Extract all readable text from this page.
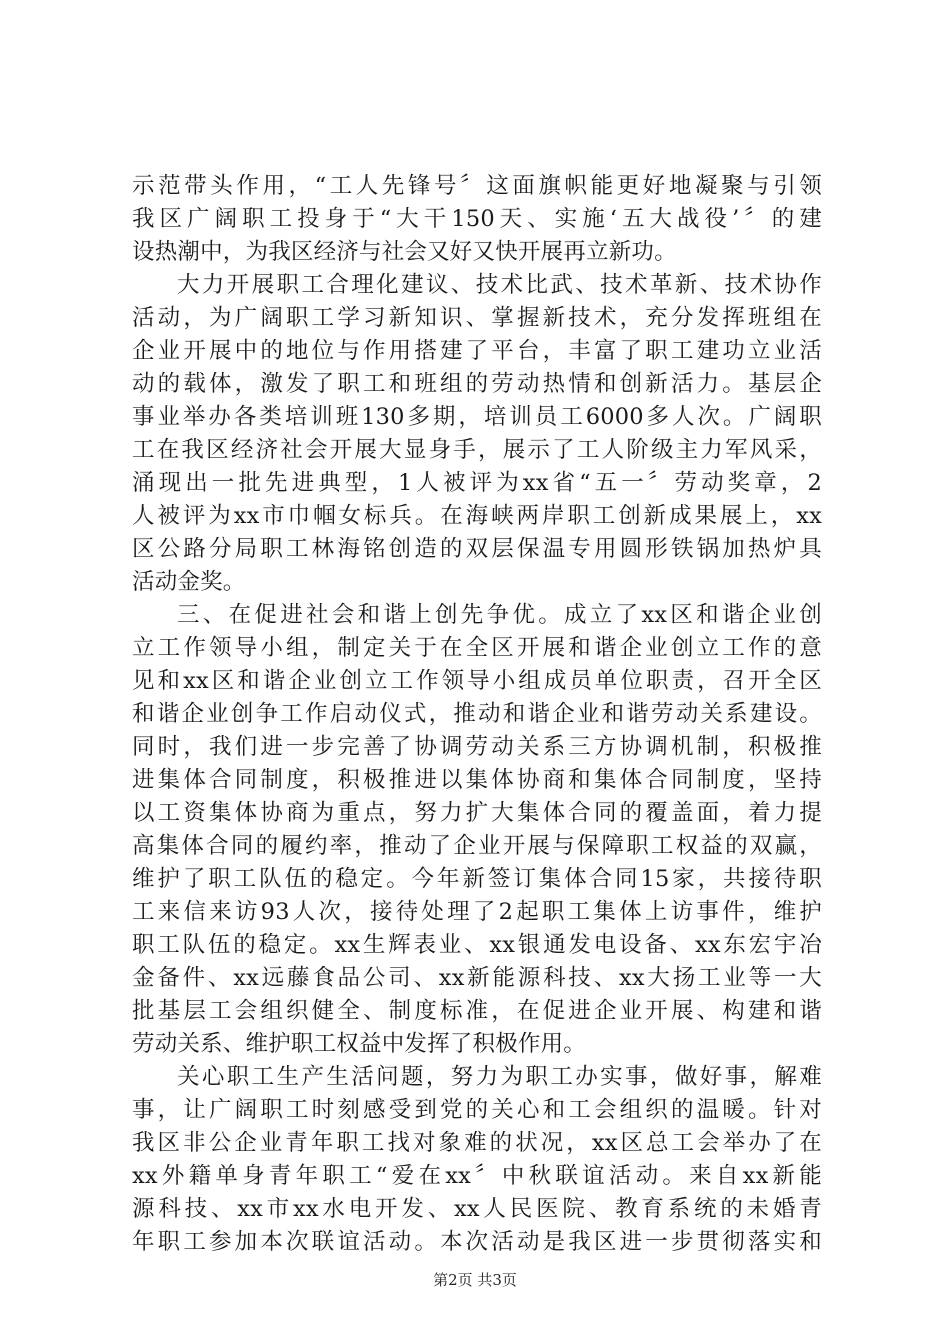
示范带头作用，“工人先锋号〞这面旗帜能更好地凝聚与引领
我区广阔职工投身于“大干150天、实施‘五大战役’〞的建
设热潮中，为我区经济与社会又好又快开展再立新功。
大力开展职工合理化建议、技术比武、技术革新、技术协作
活动，为广阔职工学习新知识、掌握新技术，充分发挥班组在
企业开展中的地位与作用搭建了平台，丰富了职工建功立业活
动的载体，激发了职工和班组的劳动热情和创新活力。基层企
事业举办各类培训班130多期，培训员工6000多人次。广阔职
工在我区经济社会开展大显身手，展示了工人阶级主力军风采，
涌现出一批先进典型，1人被评为xx省“五一〞劳动奖章，2
人被评为xx市巾帼女标兵。在海峡两岸职工创新成果展上，xx
区公路分局职工林海铭创造的双层保温专用圆形铁锅加热炉具
活动金奖。
三、在促进社会和谐上创先争优。成立了xx区和谐企业创
立工作领导小组，制定关于在全区开展和谐企业创立工作的意
见和xx区和谐企业创立工作领导小组成员单位职责，召开全区
和谐企业创争工作启动仪式，推动和谐企业和谐劳动关系建设。
同时，我们进一步完善了协调劳动关系三方协调机制，积极推
进集体合同制度，积极推进以集体协商和集体合同制度，坚持
以工资集体协商为重点，努力扩大集体合同的覆盖面，着力提
高集体合同的履约率，推动了企业开展与保障职工权益的双赢，
维护了职工队伍的稳定。今年新签订集体合同15家，共接待职
工来信来访93人次，接待处理了2起职工集体上访事件，维护
职工队伍的稳定。xx生辉表业、xx银通发电设备、xx东宏宇冶
金备件、xx远藤食品公司、xx新能源科技、xx大扬工业等一大
批基层工会组织健全、制度标准，在促进企业开展、构建和谐
劳动关系、维护职工权益中发挥了积极作用。
关心职工生产生活问题，努力为职工办实事，做好事，解难
事，让广阔职工时刻感受到党的关心和工会组织的温暖。针对
我区非公企业青年职工找对象难的状况，xx区总工会举办了在
xx外籍单身青年职工“爱在xx〞中秋联谊活动。来自xx新能
源科技、xx市xx水电开发、xx人民医院、教育系统的未婚青
年职工参加本次联谊活动。本次活动是我区进一步贯彻落实和
第2页 共3页
